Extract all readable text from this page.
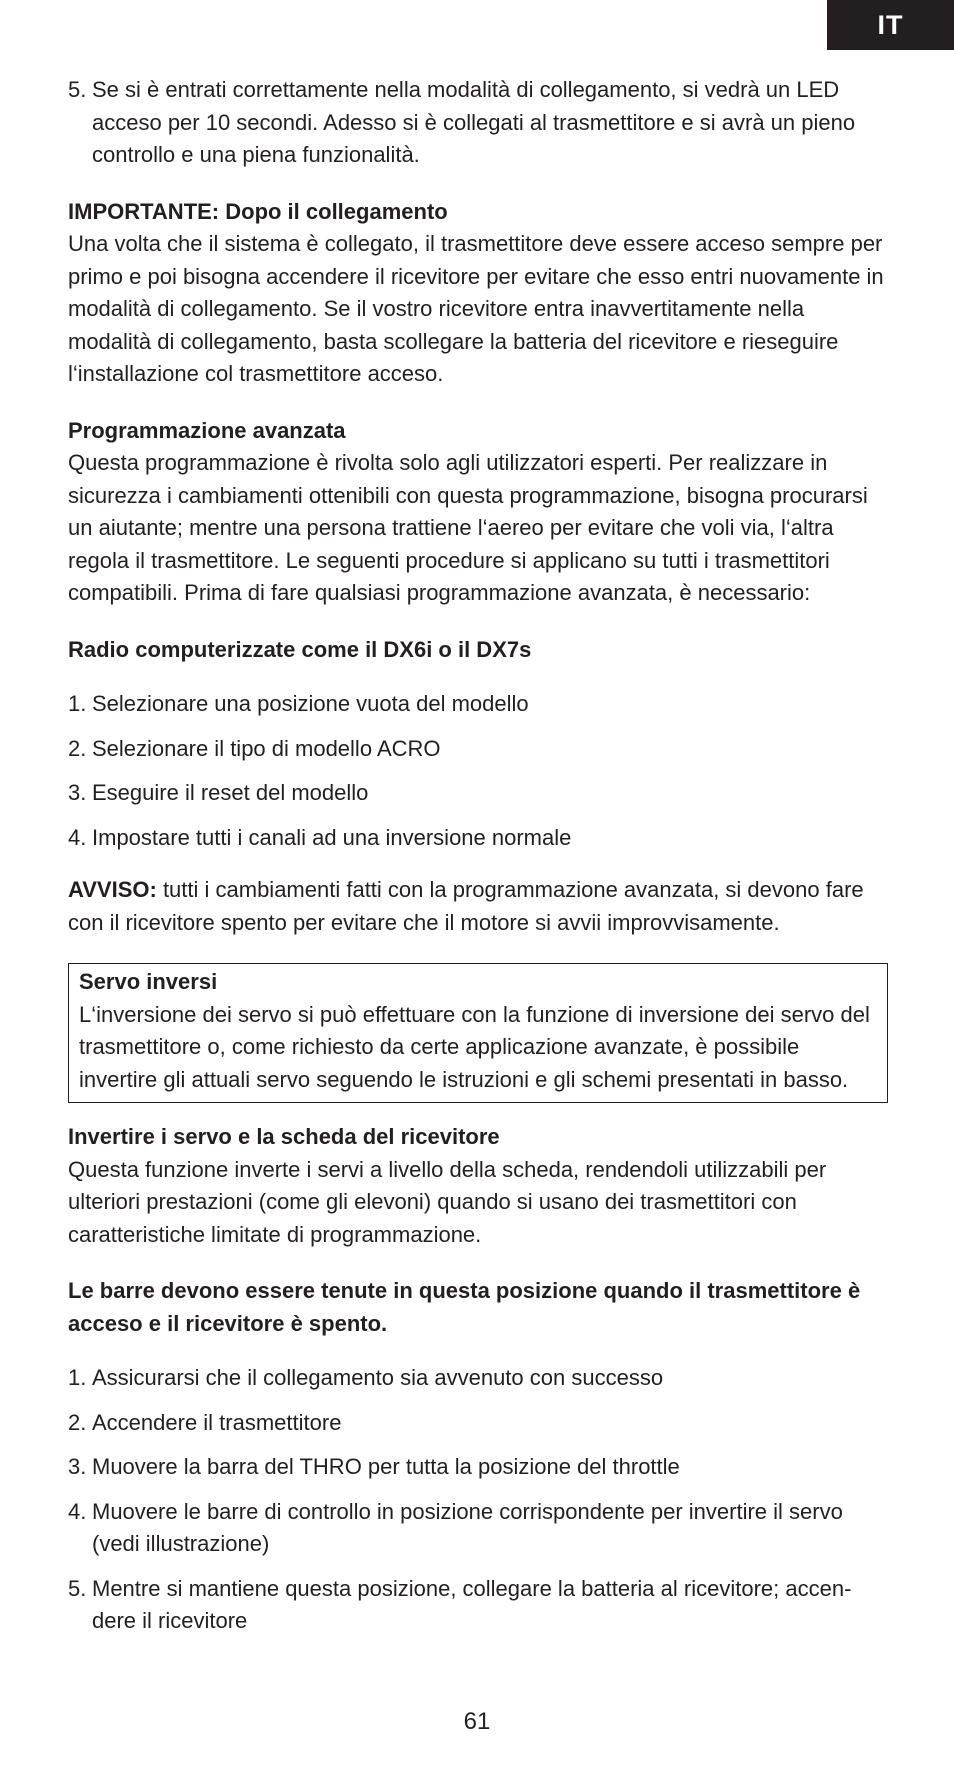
IT
5. Se si è entrati correttamente nella modalità di collegamento, si vedrà un LED acceso per 10 secondi. Adesso si è collegati al trasmettitore e si avrà un pieno controllo e una piena funzionalità.
IMPORTANTE: Dopo il collegamento

Una volta che il sistema è collegato, il trasmettitore deve essere acceso sempre per primo e poi bisogna accendere il ricevitore per evitare che esso entri nuovamente in modalità di collegamento. Se il vostro ricevitore entra inavvertitamente nella modalità di collegamento, basta scollegare la batteria del ricevitore e rieseguire l‘installazione col trasmettitore acceso.

Programmazione avanzata

Questa programmazione è rivolta solo agli utilizzatori esperti. Per realizzare in sicurezza i cambiamenti ottenibili con questa programmazione, bisogna procurarsi un aiutante; mentre una persona trattiene l‘aereo per evitare che voli via, l‘altra regola il trasmettitore. Le seguenti procedure si applicano su tutti i trasmettitori compatibili. Prima di fare qualsiasi programmazione avanzata, è necessario:

Radio computerizzate come il DX6i o il DX7s
1. Selezionare una posizione vuota del modello
2. Selezionare il tipo di modello ACRO
3. Eseguire il reset del modello
4. Impostare tutti i canali ad una inversione normale

AVVISO: tutti i cambiamenti fatti con la programmazione avanzata, si devono fare con il ricevitore spento per evitare che il motore si avvii improvvisamente.

Servo inversi
L‘inversione dei servo si può effettuare con la funzione di inversione dei servo del trasmettitore o, come richiesto da certe applicazione avanzate, è possibile invertire gli attuali servo seguendo le istruzioni e gli schemi presentati in basso.
Invertire i servo e la scheda del ricevitore

Questa funzione inverte i servi a livello della scheda, rendendoli utilizzabili per ulteriori prestazioni (come gli elevoni) quando si usano dei trasmettitori con caratteristiche limitate di programmazione.

Le barre devono essere tenute in questa posizione quando il trasmettitore è acceso e il ricevitore è spento.
1. Assicurarsi che il collegamento sia avvenuto con successo
2. Accendere il trasmettitore
3. Muovere la barra del THRO per tutta la posizione del throttle
4. Muovere le barre di controllo in posizione corrispondente per invertire il servo (vedi illustrazione)
5. Mentre si mantiene questa posizione, collegare la batteria al ricevitore; accen-dere il ricevitore
61
